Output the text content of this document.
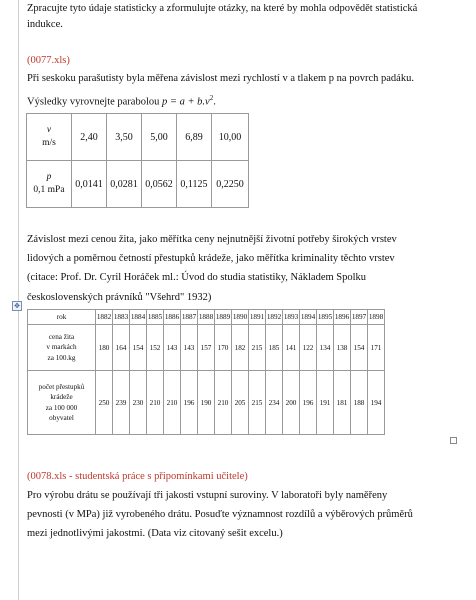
Zpracujte tyto údaje statisticky a zformulujte otázky, na které by mohla odpovědět statistická
indukce.
(0077.xls)
Při seskoku parašutisty byla měřena závislost mezi rychlostí v a tlakem p na povrch padáku.
Výsledky vyrovnejte parabolou $p = a + b.v^2$.
v
m/s	2,40	3,50	5,00	6,89	10,00

p
0,1 mPa	0,0141	0,0281	0,0562	0,1125	0,2250
Závislost mezi cenou žita, jako měřítka ceny nejnutnější životní potřeby širokých vrstev
lidových a poměrnou četností přestupků krádeže, jako měřítka kriminality těchto vrstev
(citace: Prof. Dr. Cyril Horáček ml.: Úvod do studia statistiky, Nákladem Spolku
československých právníků "Všehrd" 1932)
✥
rok	1882	1883	1884	1885	1886	1887	1888	1889	1890	1891	1892	1893	1894	1895	1896	1897	1898

cena žita
v markách
za 100.kg	180	164	154	152	143	143	157	170	182	215	185	141	122	134	138	154	171

počet přestupků
krádeže
za 100 000
obyvatel	250	239	230	210	210	196	190	210	205	215	234	200	196	191	181	188	194
(0078.xls - studentská práce s připomínkami učitele)
Pro výrobu drátu se používají tři jakosti vstupní suroviny. V laboratoři byly naměřeny
pevnosti (v MPa) již vyrobeného drátu. Posuďte významnost rozdílů a výběrových průměrů
mezi jednotlivými jakostmi. (Data viz citovaný sešit excelu.)
